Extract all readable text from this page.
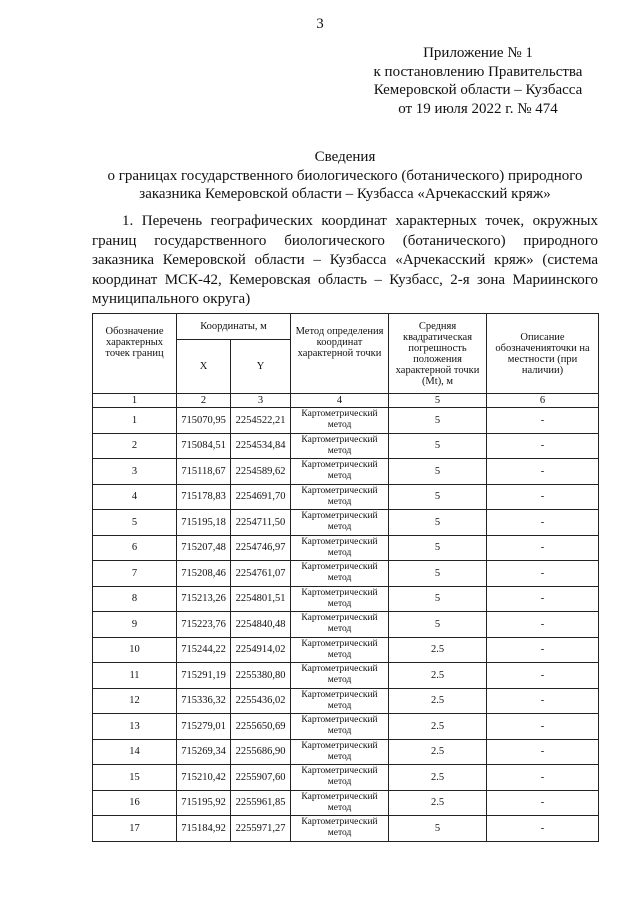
3
Приложение № 1
к постановлению Правительства
Кемеровской области – Кузбасса
от 19 июля 2022 г. № 474
Сведения
о границах государственного биологического (ботанического) природного
заказника Кемеровской области – Кузбасса «Арчекасский кряж»
1. Перечень географических координат характерных точек, окружных границ государственного биологического (ботанического) природного заказника Кемеровской области – Кузбасса «Арчекасский кряж» (система координат МСК-42, Кемеровская область – Кузбасс, 2-я зона Мариинского муниципального округа)
Обозначение характерных точек границ	Координаты, м		Метод определения координат характерной точки	Средняя квадратическая погрешность положения характерной точки (Mt), м	Описание обозначенияточки на местности (при наличии)
	X	Y			
1	2	3	4	5	6
1	715070,95	2254522,21	Картометрический метод	5	-
2	715084,51	2254534,84	Картометрический метод	5	-
3	715118,67	2254589,62	Картометрический метод	5	-
4	715178,83	2254691,70	Картометрический метод	5	-
5	715195,18	2254711,50	Картометрический метод	5	-
6	715207,48	2254746,97	Картометрический метод	5	-
7	715208,46	2254761,07	Картометрический метод	5	-
8	715213,26	2254801,51	Картометрический метод	5	-
9	715223,76	2254840,48	Картометрический метод	5	-
10	715244,22	2254914,02	Картометрический метод	2.5	-
11	715291,19	2255380,80	Картометрический метод	2.5	-
12	715336,32	2255436,02	Картометрический метод	2.5	-
13	715279,01	2255650,69	Картометрический метод	2.5	-
14	715269,34	2255686,90	Картометрический метод	2.5	-
15	715210,42	2255907,60	Картометрический метод	2.5	-
16	715195,92	2255961,85	Картометрический метод	2.5	-
17	715184,92	2255971,27	Картометрический метод	5	-
